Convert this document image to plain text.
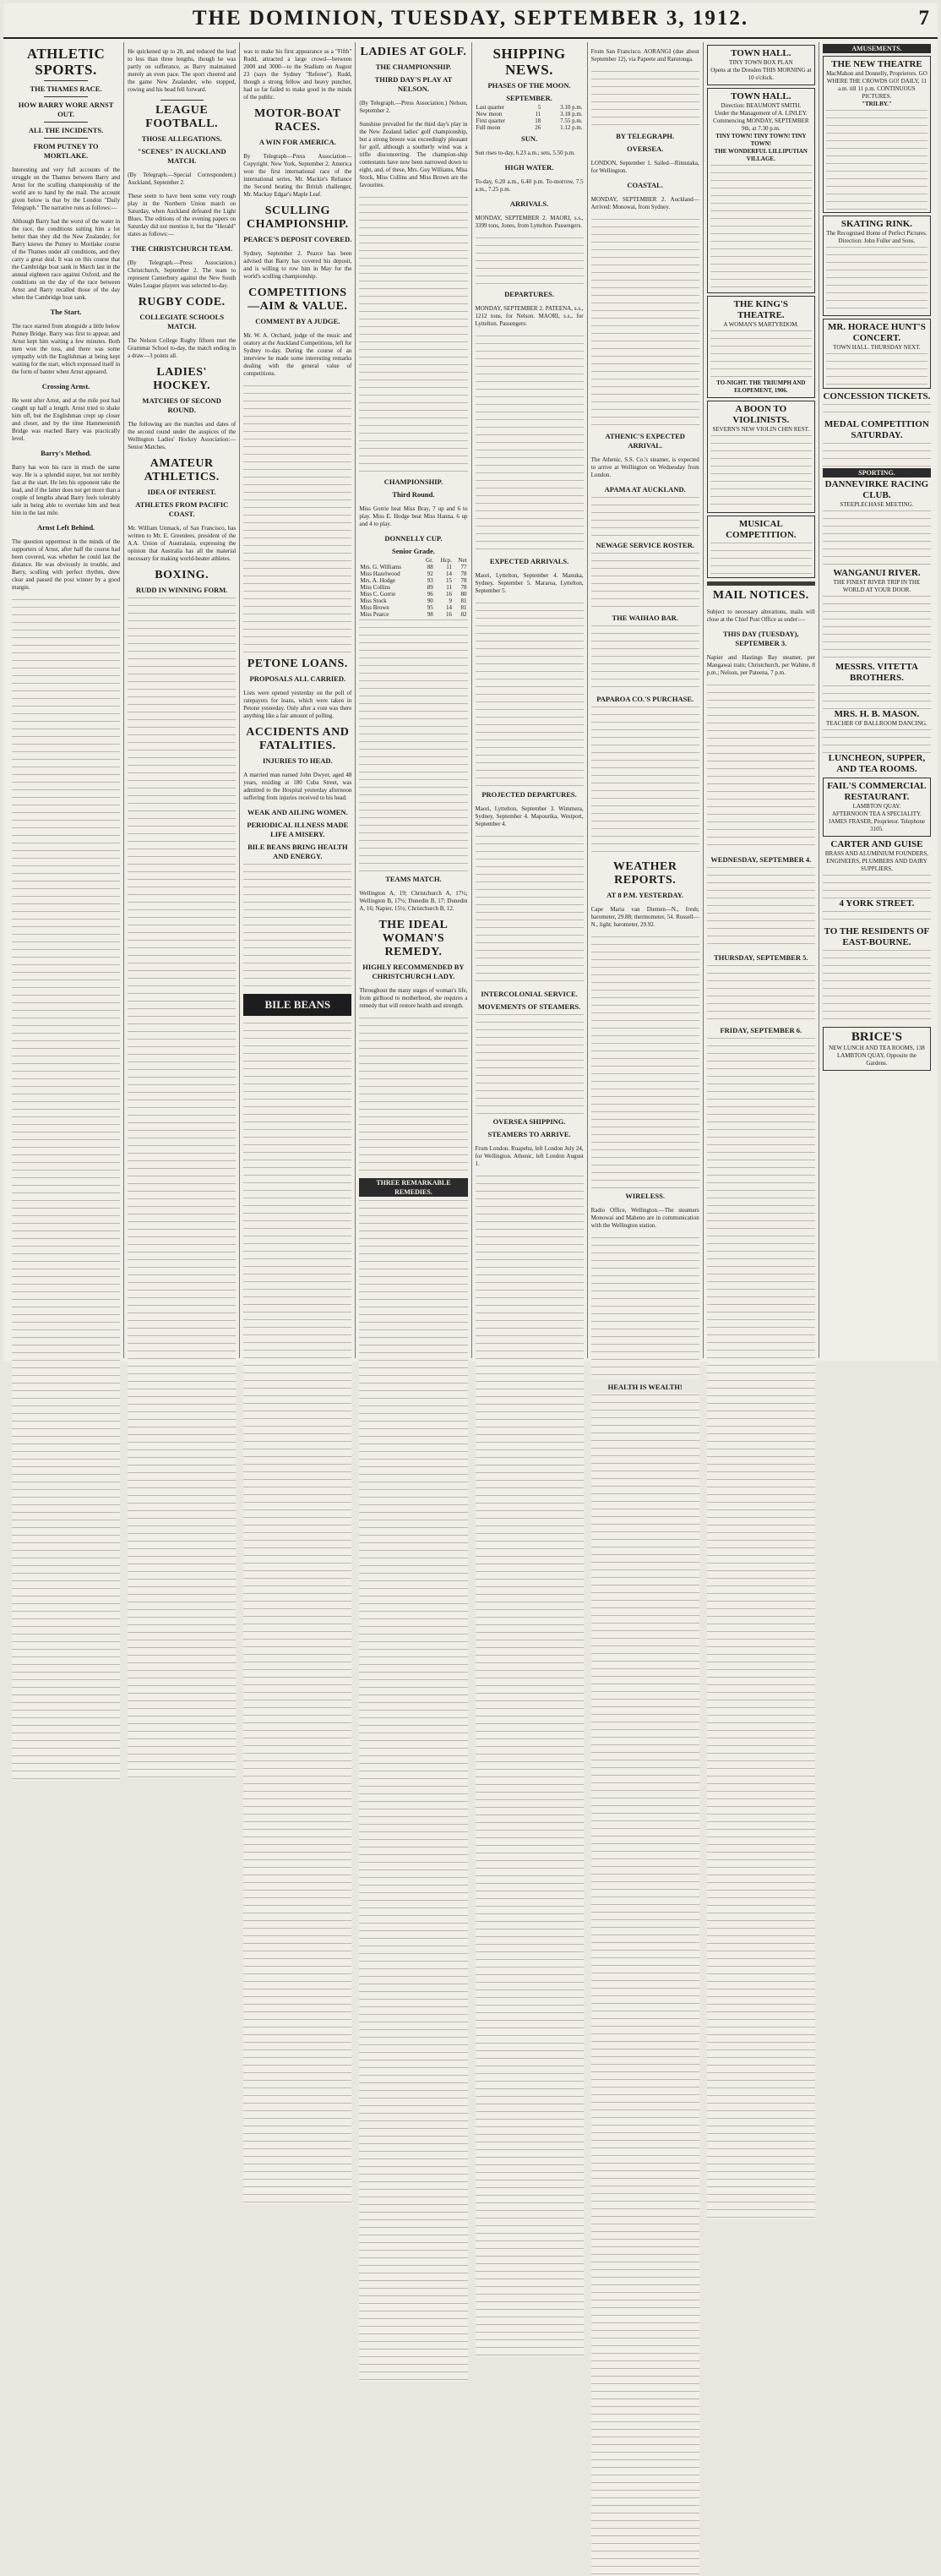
THE DOMINION, TUESDAY, SEPTEMBER 3, 1912.	7
ATHLETIC SPORTS.
THE THAMES RACE.
HOW BARRY WORE ARNST OUT.
ALL THE INCIDENTS.
FROM PUTNEY TO MORTLAKE.

Interesting and very full accounts of the struggle on the Thames between Barry and Arnst for the sculling championship of the world are to hand by the mail. The account given below is that by the London "Daily Telegraph." The narrative runs as follows:—

Although Barry had the worst of the water in the race, the conditions suiting him a lot better than they did the New Zealander, for Barry knows the Putney to Mortlake course of the Thames under all conditions, and they carry a great deal. It was on this course that the Cambridge boat sank in March last in the annual eighteen race against Oxford, and the conditions on the day of the race between Arnst and Barry recalled those of the day when the Cambridge boat sank.

The Start.

The race started from alongside a little below Putney Bridge. Barry was first to appear, and Arnst kept him waiting a few minutes. Both men won the toss, and there was some sympathy with the Englishman at being kept waiting for the start, which expressed itself in the form of banter when Arnst appeared.

Crossing Arnst.

He went after Arnst, and at the mile post had caught up half a length. Arnst tried to shake him off, but the Englishman crept up closer and closer, and by the time Hammersmith Bridge was reached Barry was practically level.

Barry's Method.

Barry has won his race in much the same way. He is a splendid stayer, but not terribly fast at the start. He lets his opponent take the lead, and if the latter does not get more than a couple of lengths ahead Barry feels tolerably safe in being able to overtake him and beat him in the last mile.

Arnst Left Behind.

The question uppermost in the minds of the supporters of Arnst, after half the course had been covered, was whether he could last the distance. He was obviously in trouble, and Barry, sculling with perfect rhythm, drew clear and passed the post winner by a good margin.

He quickened up to 28, and reduced the lead to less than three lengths, though he was partly on sufferance, as Barry maintained merely an even pace. The sport cheered and the game New Zealander, who stopped, rowing and his head fell forward.

LEAGUE FOOTBALL.
THOSE ALLEGATIONS.
"SCENES" IN AUCKLAND MATCH.

(By Telegraph.—Special Correspondent.) Auckland, September 2.

These seem to have been some very rough play in the Northern Union match on Saturday, when Auckland defeated the Light Blues. The editions of the evening papers on Saturday did not mention it, but the "Herald" states as follows:—

THE CHRISTCHURCH TEAM.

(By Telegraph.—Press Association.) Christchurch, September 2. The team to represent Canterbury against the New South Wales League players was selected to-day.

RUGBY CODE.
COLLEGIATE SCHOOLS MATCH.

The Nelson College Rugby fifteen met the Grammar School to-day, the match ending in a draw—3 points all.

LADIES' HOCKEY.
MATCHES OF SECOND ROUND.

The following are the matches and dates of the second round under the auspices of the Wellington Ladies' Hockey Association:— Senior Matches.

AMATEUR ATHLETICS.
IDEA OF INTEREST.
ATHLETES FROM PACIFIC COAST.

Mr. William Unmack, of San Francisco, has written to Mr. E. Greenlees, president of the A.A. Union of Australasia, expressing the opinion that Australia has all the material necessary for making world-beater athletes.

BOXING.
RUDD IN WINNING FORM.

was to make his first appearance as a "Fifth" Rudd, attracted a large crowd—between 2000 and 3000—to the Stadium on August 23 (says the Sydney "Referee"). Rudd, though a strong fellow and heavy puncher, had so far failed to make good in the minds of the public.

MOTOR-BOAT RACES.
A WIN FOR AMERICA.

By Telegraph—Press Association—Copyright. New York, September 2. America won the first international race of the international series, Mr. Mackie's Reliance the Second beating the British challenger, Mr. Mackay Edgar's Maple Leaf.

SCULLING CHAMPIONSHIP.
PEARCE'S DEPOSIT COVERED.

Sydney, September 2. Pearce has been advised that Barry has covered his deposit, and is willing to row him in May for the world's sculling championship.

COMPETITIONS—AIM & VALUE.
COMMENT BY A JUDGE.

Mr. W. A. Orchard, judge of the music and oratory at the Auckland Competitions, left for Sydney to-day. During the course of an interview he made some interesting remarks dealing with the general value of competitions.

PETONE LOANS.
PROPOSALS ALL CARRIED.

Lists were opened yesterday on the poll of ratepayers for loans, which were taken in Petone yesterday. Only after a vote was there anything like a fair amount of polling.

ACCIDENTS AND FATALITIES.
INJURIES TO HEAD.

A married man named John Dwyer, aged 48 years, residing at 180 Cuba Street, was admitted to the Hospital yesterday afternoon suffering from injuries received to his head.

WEAK AND AILING WOMEN.
PERIODICAL ILLNESS MADE LIFE A MISERY.
BILE BEANS BRING HEALTH AND ENERGY.
BILE BEANS
LADIES AT GOLF.
THE CHAMPIONSHIP.
THIRD DAY'S PLAY AT NELSON.

(By Telegraph.—Press Association.) Nelson, September 2.

Sunshine prevailed for the third day's play in the New Zealand ladies' golf championship, but a strong breeze was exceedingly pleasant for golf, although a southerly wind was a trifle disconcerting. The champion-ship contestants have now been narrowed down to eight, and, of these, Mrs. Guy Williams, Miss Stock, Miss Collins and Miss Brown are the favourites.

CHAMPIONSHIP.
Third Round.

Miss Gorrie beat Miss Bray, 7 up and 6 to play. Miss E. Hodge beat Miss Hanna, 6 up and 4 to play.

DONNELLY CUP.
Senior Grade.
	Gr.	Hcp.	Net
Mrs. G. Williams	88	11	77
Miss Hazelwood	92	14	78
Mrs. A. Hodge	93	15	78
Miss Collins	89	11	78
Miss C. Gorrie	96	16	80
Miss Stock	90	9	81
Miss Brown	95	14	81
Miss Pearce	98	16	82
TEAMS MATCH.

Wellington A, 19; Christchurch A, 17½; Wellington B, 17½; Dunedin B, 17; Dunedin A, 16; Napier, 15½; Christchurch B, 12.

THE IDEAL WOMAN'S REMEDY.
HIGHLY RECOMMENDED BY CHRISTCHURCH LADY.

Throughout the many stages of woman's life, from girlhood to motherhood, she requires a remedy that will restore health and strength.

THREE REMARKABLE REMEDIES.
SHIPPING NEWS.
PHASES OF THE MOON.
SEPTEMBER.
Last quarter	5	3.10 p.m.
New moon	11	3.18 p.m.
First quarter	18	7.55 p.m.
Full moon	26	1.12 p.m.
SUN.

Sun rises to-day, 6.23 a.m.; sets, 5.50 p.m.

HIGH WATER.

To-day, 6.20 a.m., 6.40 p.m. To-morrow, 7.5 a.m., 7.25 p.m.

ARRIVALS.

MONDAY, SEPTEMBER 2. MAORI, s.s., 3399 tons, Jones, from Lyttelton. Passengers.

DEPARTURES.

MONDAY, SEPTEMBER 2. PATEENA, s.s., 1212 tons, for Nelson. MAORI, s.s., for Lyttelton. Passengers:

EXPECTED ARRIVALS.

Maori, Lyttelton, September 4. Manuka, Sydney, September 5. Mararoa, Lyttelton, September 5.

PROJECTED DEPARTURES.

Maori, Lyttelton, September 3. Wimmera, Sydney, September 4. Mapourika, Westport, September 4.

INTERCOLONIAL SERVICE.
MOVEMENTS OF STEAMERS.
OVERSEA SHIPPING.
STEAMERS TO ARRIVE.

From London. Ruapehu, left London July 24, for Wellington. Athenic, left London August 1.

From San Francisco. AORANGI (due about September 12), via Papeete and Rarotonga.

BY TELEGRAPH.
OVERSEA.

LONDON, September 1. Sailed—Rimutaka, for Wellington.

COASTAL.

MONDAY, SEPTEMBER 2. Auckland—Arrived: Monowai, from Sydney.

ATHENIC'S EXPECTED ARRIVAL.

The Athenic, S.S. Co.'s steamer, is expected to arrive at Wellington on Wednesday from London.

APAMA AT AUCKLAND.
NEWAGE SERVICE ROSTER.
THE WAIHAO BAR.
PAPAROA CO.'S PURCHASE.
WEATHER REPORTS.
AT 8 P.M. YESTERDAY.

Cape Maria van Diemen—N., fresh; barometer, 29.88; thermometer, 54. Russell—N., light; barometer, 29.92.

WIRELESS.

Radio Office, Wellington.—The steamers Monowai and Maheno are in communication with the Wellington station.

HEALTH IS WEALTH!
TOWN HALL.
TINY TOWN BOX PLAN
Opens at the Dresden THIS MORNING at 10 o'clock.
TOWN HALL.
Direction: BEAUMONT SMITH.
Under the Management of A. LINLEY. Commencing MONDAY, SEPTEMBER 9th, at 7.30 p.m.
TINY TOWN! TINY TOWN! TINY TOWN!
THE WONDERFUL LILLIPUTIAN VILLAGE.
THE KING'S THEATRE.
A WOMAN'S MARTYRDOM.
TO-NIGHT. THE TRIUMPH AND ELOPEMENT, 1906.
A BOON TO VIOLINISTS.
SEVERN'S NEW VIOLIN CHIN REST.
MUSICAL COMPETITION.
MAIL NOTICES.

Subject to necessary alterations, mails will close at the Chief Post Office as under:—

THIS DAY (TUESDAY), SEPTEMBER 3.

Napier and Hastings Bay steamer, per Mangawai train; Christchurch, per Wahine, 8 p.m.; Nelson, per Pateena, 7 p.m.

WEDNESDAY, SEPTEMBER 4.
THURSDAY, SEPTEMBER 5.
FRIDAY, SEPTEMBER 6.
AMUSEMENTS.
THE NEW THEATRE
MacMahon and Donnelly, Proprietors. GO WHERE THE CROWDS GO! DAILY, 11 a.m. till 11 p.m. CONTINUOUS PICTURES.
"TRILBY."
SKATING RINK.
The Recognised Home of Perfect Pictures. Direction: John Fuller and Sons.
MR. HORACE HUNT'S CONCERT.
TOWN HALL. THURSDAY NEXT.
CONCESSION TICKETS.
MEDAL COMPETITION SATURDAY.
SPORTING.
DANNEVIRKE RACING CLUB.
STEEPLECHASE MEETING.
WANGANUI RIVER.
THE FINEST RIVER TRIP IN THE WORLD AT YOUR DOOR.
MESSRS. VITETTA BROTHERS.
MRS. H. B. MASON.
TEACHER OF BALLROOM DANCING.
LUNCHEON, SUPPER, AND TEA ROOMS.
FAIL'S COMMERCIAL RESTAURANT.
LAMBTON QUAY.
AFTERNOON TEA A SPECIALITY. JAMES FRASER, Proprietor. Telephone 3105.
CARTER AND GUISE
BRASS AND ALUMINIUM FOUNDERS, ENGINEERS, PLUMBERS AND DAIRY SUPPLIERS.
4 YORK STREET.
TO THE RESIDENTS OF EAST-BOURNE.
BRICE'S
NEW LUNCH AND TEA ROOMS, 138 LAMBTON QUAY, Opposite the Gardens.
